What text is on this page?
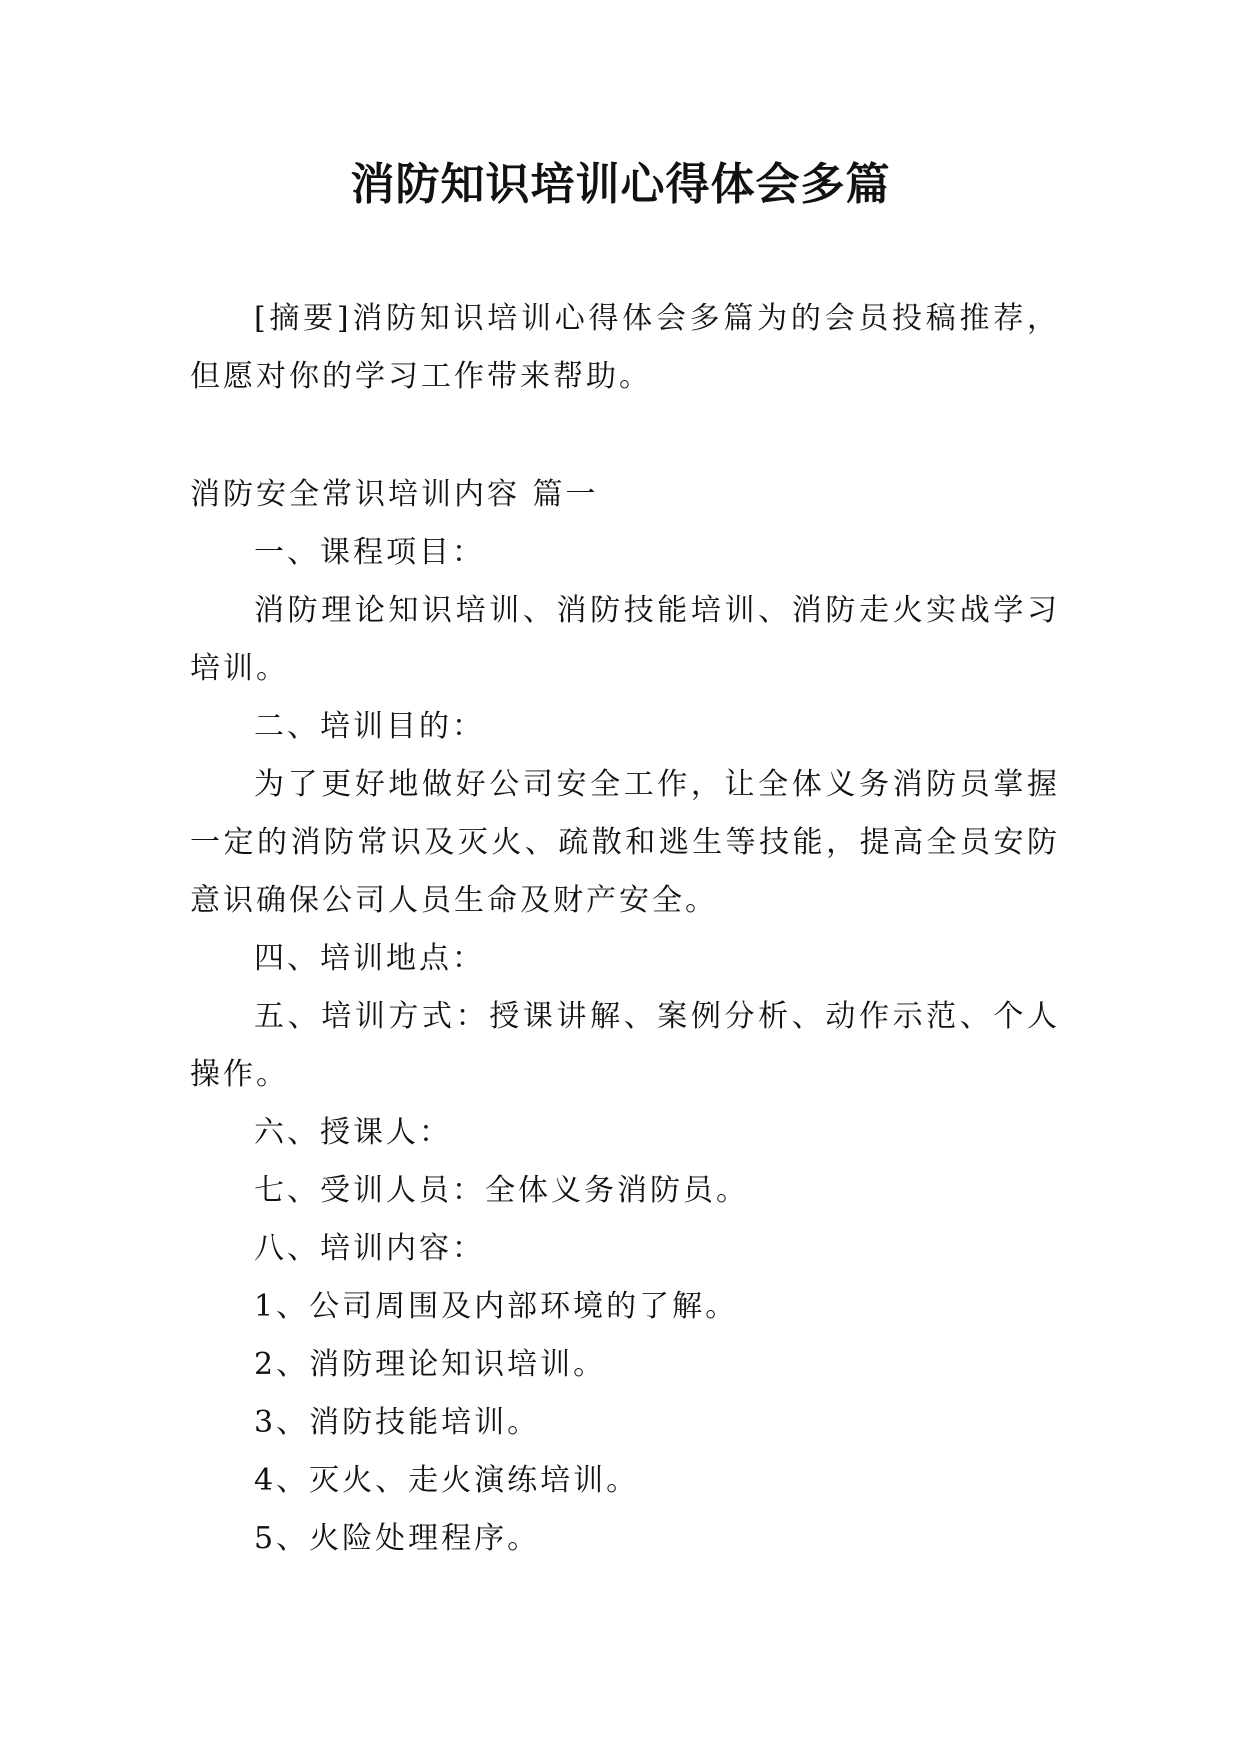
消防知识培训心得体会多篇

[摘要]消防知识培训心得体会多篇为的会员投稿推荐，但愿对你的学习工作带来帮助。

消防安全常识培训内容 篇一

一、课程项目：

消防理论知识培训、消防技能培训、消防走火实战学习培训。

二、培训目的：

为了更好地做好公司安全工作，让全体义务消防员掌握一定的消防常识及灭火、疏散和逃生等技能，提高全员安防意识确保公司人员生命及财产安全。

四、培训地点：

五、培训方式：授课讲解、案例分析、动作示范、个人操作。

六、授课人：

七、受训人员：全体义务消防员。

八、培训内容：

1、公司周围及内部环境的了解。

2、消防理论知识培训。

3、消防技能培训。

4、灭火、走火演练培训。

5、火险处理程序。
